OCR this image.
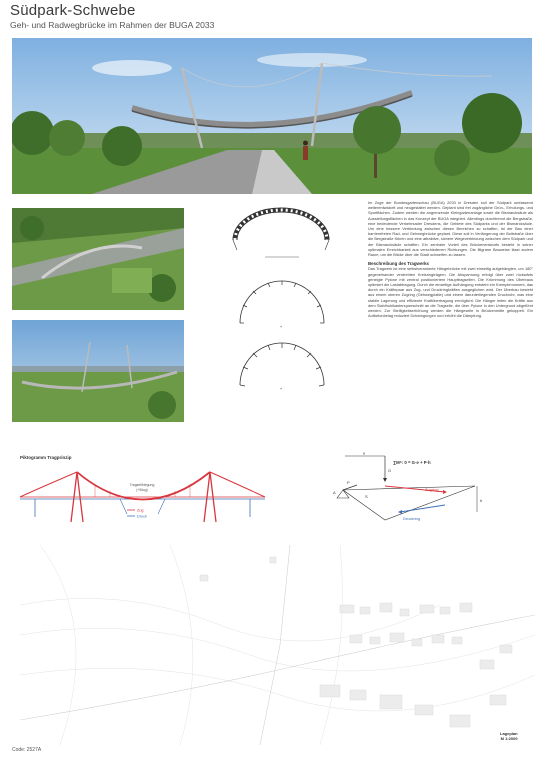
Südpark-Schwebe
Geh- und Radwegbrücke im Rahmen der BUGA 2033
+
+

Im Zuge der Bundesgartenschau (BUGA) 2033 in Dresden soll der Südpark umfassend weiterentwickelt und neugestaltet werden. Geplant sind frei zugängliche Grün-, Erholungs- und Sportflächen. Zudem werden die angrenzende Kleingartenanlage sowie die Bismarcksäule als Ausstellungsflächen in das Konzept der BUGA integriert. Allerdings durchtrennt die Bergstraße, eine bedeutende Verkehrsader Dresdens, die Gebiete des Südparks und der Bismarcksäule. Um eine bessere Verbindung zwischen diesen Bereichen zu schaffen, ist der Bau einer barrierefreien Rad- und Gehwegbrücke geplant. Diese soll in Verlängerung der Boltstraße über die Bergstraße führen und eine attraktive, sichere Wegeverbindung zwischen dem Südpark und der Bismarcksäule schaffen. Ein zentraler Vorteil des Brückenentwurfs besteht in seiner optimalen Erreichbarkeit aus verschiedenen Richtungen. Die filigrane Bauweise lässt zudem Raum, um die Blicke über die Stadt schweifen zu lassen.

Beschreibung des Tragwerks

Das Tragwerk ist eine selbstverankerte Hängebrücke mit zwei einseitig aufgehängten, um 180° gegeneinander verdrehten Kreisringträgern. Die Abspannung erfolgt über zwei rückwärts geneigte Pylone mit zentral positioniertem Haupttragseilen. Die Krümmung des Überbaus optimiert die Lastabtragung. Durch die einseitige Aufhängung entsteht ein Kremplemoment, das durch ein Kräftepaar aus Zug- und Druckringkräften ausgeglichen wird. Der Überbau besteht aus einem oberen Zugring (Gehwegplatte) und einem darunterliegenden Druckrohr, was eine stabile Lagerung und effiziente Kraftübertragung ermöglicht. Die Hänger leiten die Kräfte aus dem Stahlhohlkastenquerschnitt an die Tragseile, die über Pylone in den Untergrund abgeführt werden. Zur Steifigkeitserhöhung werden die Hängeseile in Brückenmitte gekoppelt. Ein Aufbetonbelag reduziert Schwingungen und erhöht die Dämpfung.

Piktogramm Tragprinzip
Tragseilbiegung
(+Biog)
Zug
Druck
e
G
A
P
S
Zugring
Druckring
h
∑Mᴬ: 0 = G·e + P·h
Lageplan
M 1:2000
Code: 2527A
